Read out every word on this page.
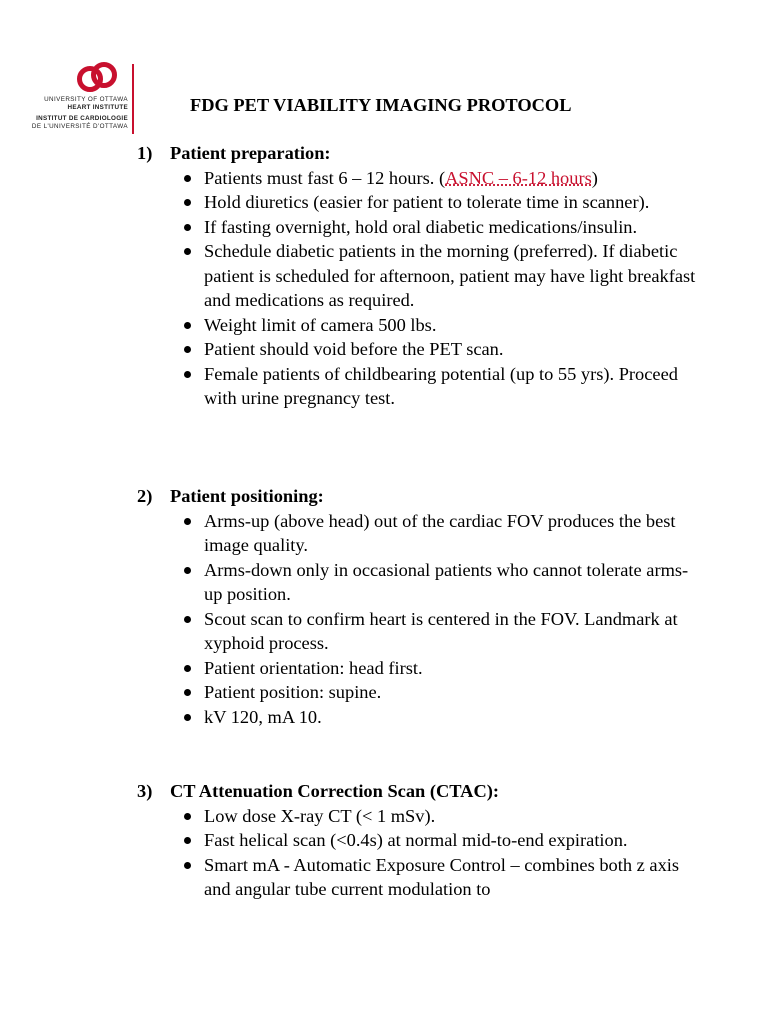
UNIVERSITY OF OTTAWA
HEART INSTITUTE
INSTITUT DE CARDIOLOGIE
DE L'UNIVERSITÉ D'OTTAWA
FDG PET VIABILITY IMAGING PROTOCOL
1) Patient preparation:
Patients must fast 6 – 12 hours. (ASNC – 6-12 hours)
Hold diuretics (easier for patient to tolerate time in scanner).
If fasting overnight, hold oral diabetic medications/insulin.
Schedule diabetic patients in the morning (preferred). If diabetic patient is scheduled for afternoon, patient may have light breakfast and medications as required.
Weight limit of camera 500 lbs.
Patient should void before the PET scan.
Female patients of childbearing potential (up to 55 yrs). Proceed with urine pregnancy test.
2) Patient positioning:
Arms-up (above head) out of the cardiac FOV produces the best image quality.
Arms-down only in occasional patients who cannot tolerate arms-up position.
Scout scan to confirm heart is centered in the FOV. Landmark at xyphoid process.
Patient orientation: head first.
Patient position: supine.
kV 120, mA 10.
3) CT Attenuation Correction Scan (CTAC):
Low dose X-ray CT (< 1 mSv).
Fast helical scan (<0.4s) at normal mid-to-end expiration.
Smart mA - Automatic Exposure Control – combines both z axis and angular tube current modulation to
